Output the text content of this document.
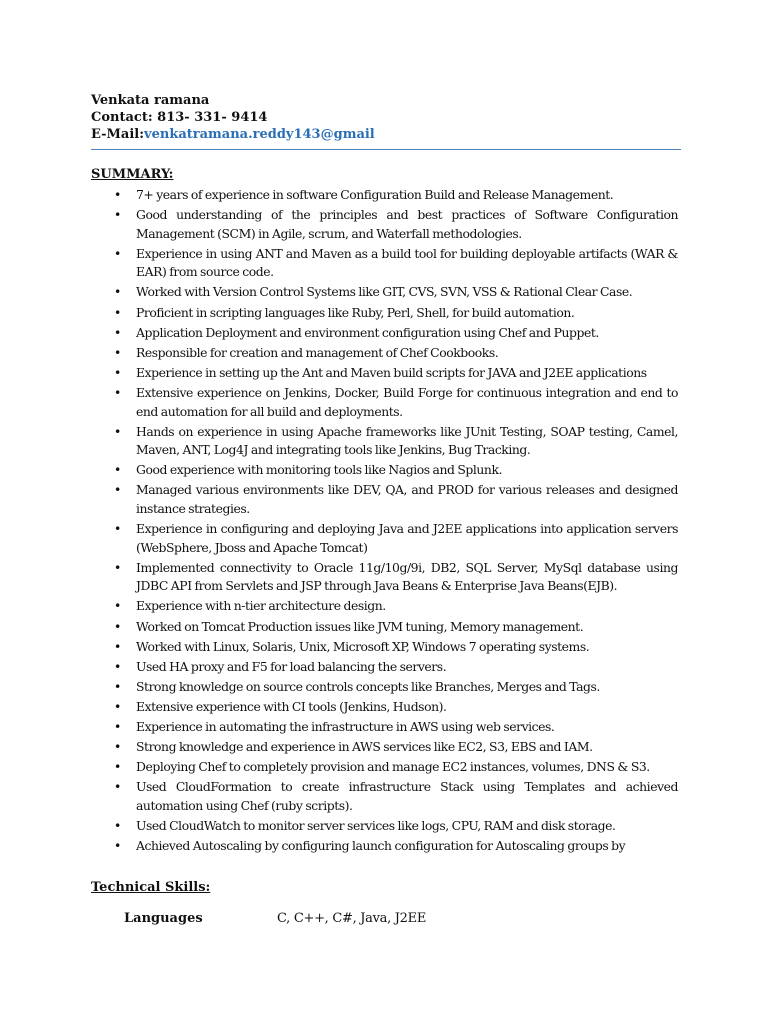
Venkata ramana
Contact: 813- 331- 9414
E-Mail:venkatramana.reddy143@gmail
SUMMARY:
• 7+ years of experience in software Configuration Build and Release Management.
• Good understanding of the principles and best practices of Software Configuration Management (SCM) in Agile, scrum, and Waterfall methodologies.
• Experience in using ANT and Maven as a build tool for building deployable artifacts (WAR & EAR) from source code.
• Worked with Version Control Systems like GIT, CVS, SVN, VSS & Rational Clear Case.
• Proficient in scripting languages like Ruby, Perl, Shell, for build automation.
• Application Deployment and environment configuration using Chef and Puppet.
• Responsible for creation and management of Chef Cookbooks.
• Experience in setting up the Ant and Maven build scripts for JAVA and J2EE applications
• Extensive experience on Jenkins, Docker, Build Forge for continuous integration and end to end automation for all build and deployments.
• Hands on experience in using Apache frameworks like JUnit Testing, SOAP testing, Camel, Maven, ANT, Log4J and integrating tools like Jenkins, Bug Tracking.
• Good experience with monitoring tools like Nagios and Splunk.
• Managed various environments like DEV, QA, and PROD for various releases and designed instance strategies.
• Experience in configuring and deploying Java and J2EE applications into application servers (WebSphere, Jboss and Apache Tomcat)
• Implemented connectivity to Oracle 11g/10g/9i, DB2, SQL Server, MySql database using JDBC API from Servlets and JSP through Java Beans & Enterprise Java Beans(EJB).
• Experience with n-tier architecture design.
• Worked on Tomcat Production issues like JVM tuning, Memory management.
• Worked with Linux, Solaris, Unix, Microsoft XP, Windows 7 operating systems.
• Used HA proxy and F5 for load balancing the servers.
• Strong knowledge on source controls concepts like Branches, Merges and Tags.
• Extensive experience with CI tools (Jenkins, Hudson).
• Experience in automating the infrastructure in AWS using web services.
• Strong knowledge and experience in AWS services like EC2, S3, EBS and IAM.
• Deploying Chef to completely provision and manage EC2 instances, volumes, DNS & S3.
• Used CloudFormation to create infrastructure Stack using Templates and achieved automation using Chef (ruby scripts).
• Used CloudWatch to monitor server services like logs, CPU, RAM and disk storage.
• Achieved Autoscaling by configuring launch configuration for Autoscaling groups by
Technical Skills:
Languages	C, C++, C#, Java, J2EE
